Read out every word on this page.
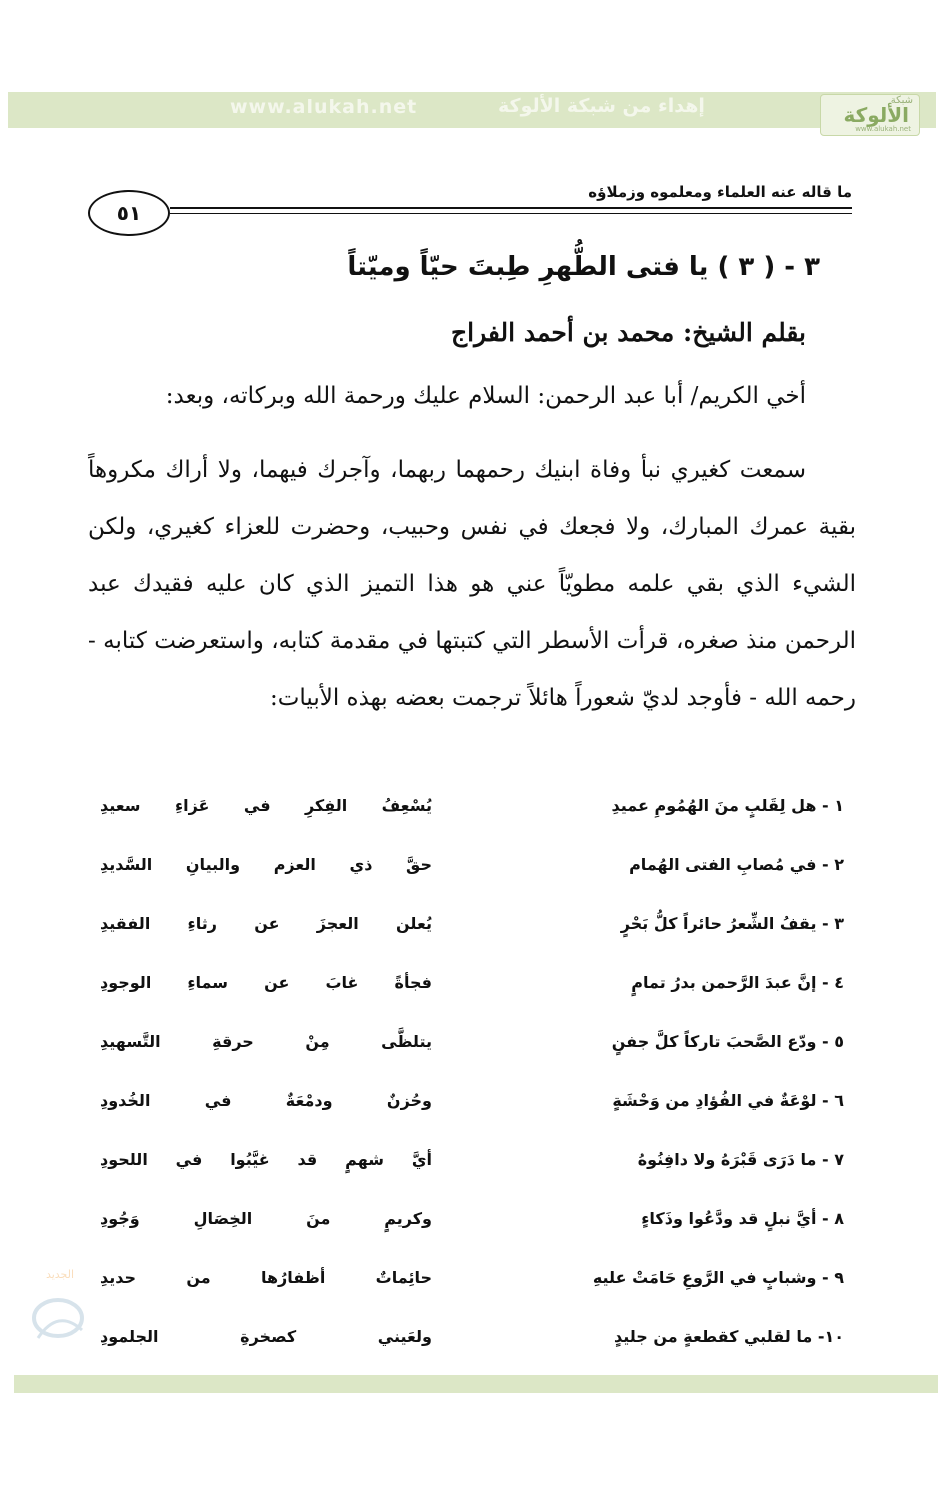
www.alukah.net	إهداء من شبكة الألوكة	شبكة
الألوكة
www.alukah.net
ما قاله عنه العلماء ومعلموه وزملاؤه
٥١
٣ - ( ٣ ) يا فتى الطُّهرِ طِبتَ حيّاً وميّتاً
بقلم الشيخ: محمد بن أحمد الفراج
أخي الكريم/ أبا عبد الرحمن: السلام عليك ورحمة الله وبركاته، وبعد:
سمعت كغيري نبأ وفاة ابنيك رحمهما ربهما، وآجرك فيهما، ولا أراك مكروهاً بقية عمرك المبارك، ولا فجعك في نفس وحبيب، وحضرت للعزاء كغيري، ولكن الشيء الذي بقي علمه مطويّاً عني هو هذا التميز الذي كان عليه فقيدك عبد الرحمن منذ صغره، قرأت الأسطر التي كتبتها في مقدمة كتابه، واستعرضت كتابه - رحمه الله - فأوجد لديّ شعوراً هائلاً ترجمت بعضه بهذه الأبيات:
١ - هل لِقَلبٍ منَ الهُمُومِ عميدِ
يُسْعِفُ الفِكرِ في عَزاءِ سعيدِ
٢ - في مُصابِ الفتى الهُمام
حقَّ ذي العزم والبيانِ السَّديدِ
٣ - يقفُ الشِّعرُ حائراً كلُّ بَحْرٍ
يُعلن العجزَ عن رثاءِ الفقيدِ
٤ - إنَّ عبدَ الرَّحمن بدرُ تمامٍ
فجأةً غابَ عن سماءِ الوجودِ
٥ - ودّع الصَّحبَ تاركاً كلَّ جفنٍ
يتلظَّى مِنْ حرقةِ التَّسهيدِ
٦ - لوْعَةٌ في الفُؤادِ من وَحْشَةٍ
وحُزنٌ ودمْعَةٌ في الخُدودِ
٧ - ما دَرَى قَبْرَهُ ولا دافِنُوهُ
أيَّ شهمٍ قد غيَّبُوا في اللحودِ
٨ - أيَّ نبلٍ قد ودَّعُوا وذَكاءٍ
وكريمٍ منَ الخِصَالِ وَجُودِ
٩ - وشبابٍ في الرَّوعِ حَامَتْ عليهِ
حائِماتٌ أظفارُها من حديدِ
١٠- ما لقلبي كقطعةٍ من جليدٍ
ولعَيني كصخرةِ الجلمودِ
الجديد
